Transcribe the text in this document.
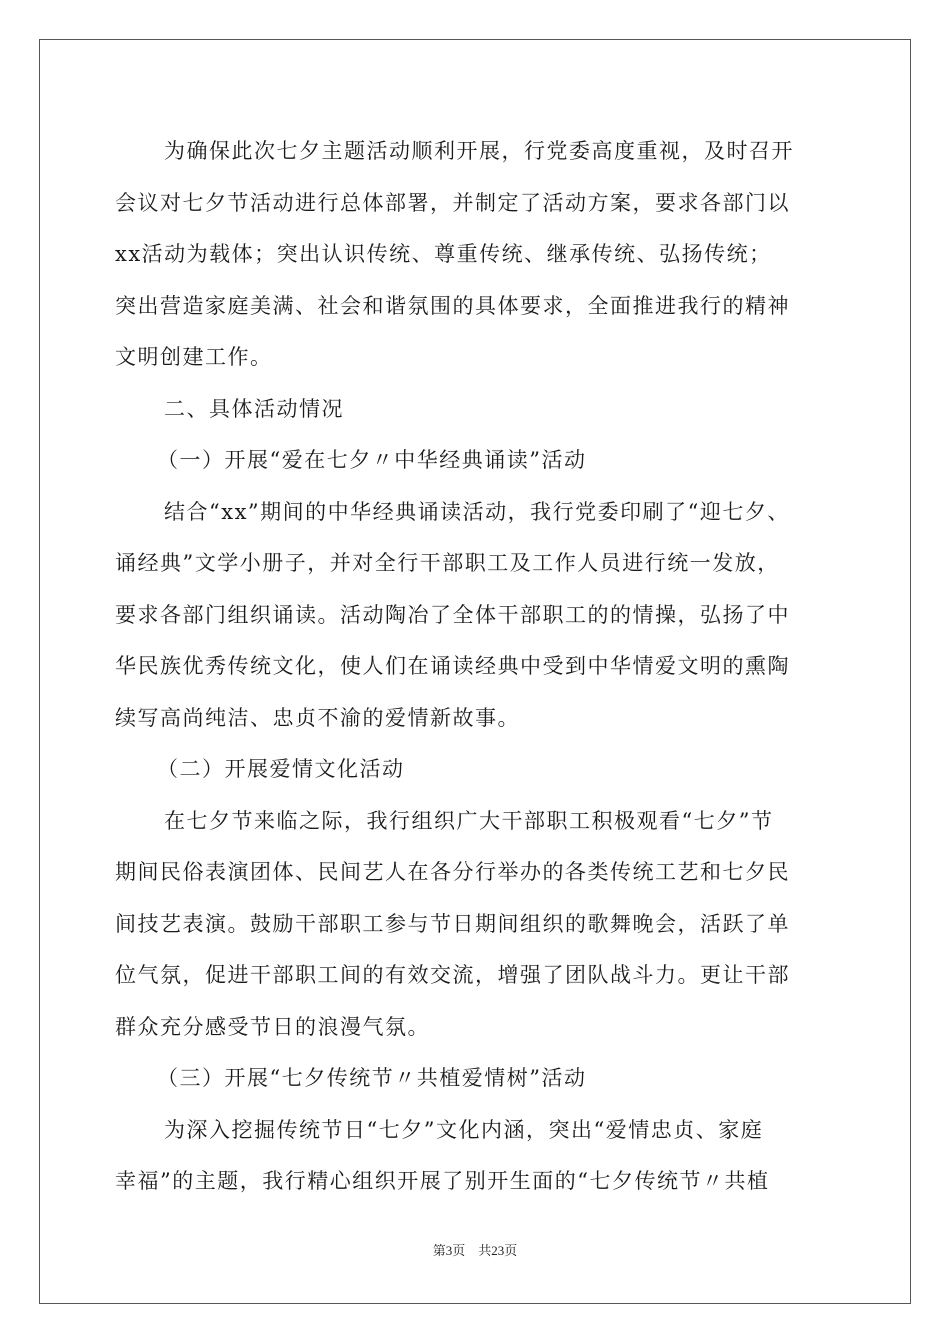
为确保此次七夕主题活动顺利开展，行党委高度重视，及时召开
会议对七夕节活动进行总体部署，并制定了活动方案，要求各部门以
xx活动为载体；突出认识传统、尊重传统、继承传统、弘扬传统；
突出营造家庭美满、社会和谐氛围的具体要求，全面推进我行的精神
文明创建工作。
二、具体活动情况
（一）开展“爱在七夕〃中华经典诵读”活动
结合“xx”期间的中华经典诵读活动，我行党委印刷了“迎七夕、
诵经典”文学小册子，并对全行干部职工及工作人员进行统一发放，
要求各部门组织诵读。活动陶冶了全体干部职工的的情操，弘扬了中
华民族优秀传统文化，使人们在诵读经典中受到中华情爱文明的熏陶
续写高尚纯洁、忠贞不渝的爱情新故事。
（二）开展爱情文化活动
在七夕节来临之际，我行组织广大干部职工积极观看“七夕”节
期间民俗表演团体、民间艺人在各分行举办的各类传统工艺和七夕民
间技艺表演。鼓励干部职工参与节日期间组织的歌舞晚会，活跃了单
位气氛，促进干部职工间的有效交流，增强了团队战斗力。更让干部
群众充分感受节日的浪漫气氛。
（三）开展“七夕传统节〃共植爱情树”活动
为深入挖掘传统节日“七夕”文化内涵，突出“爱情忠贞、家庭
幸福”的主题，我行精心组织开展了别开生面的“七夕传统节〃共植
第3页　共23页
